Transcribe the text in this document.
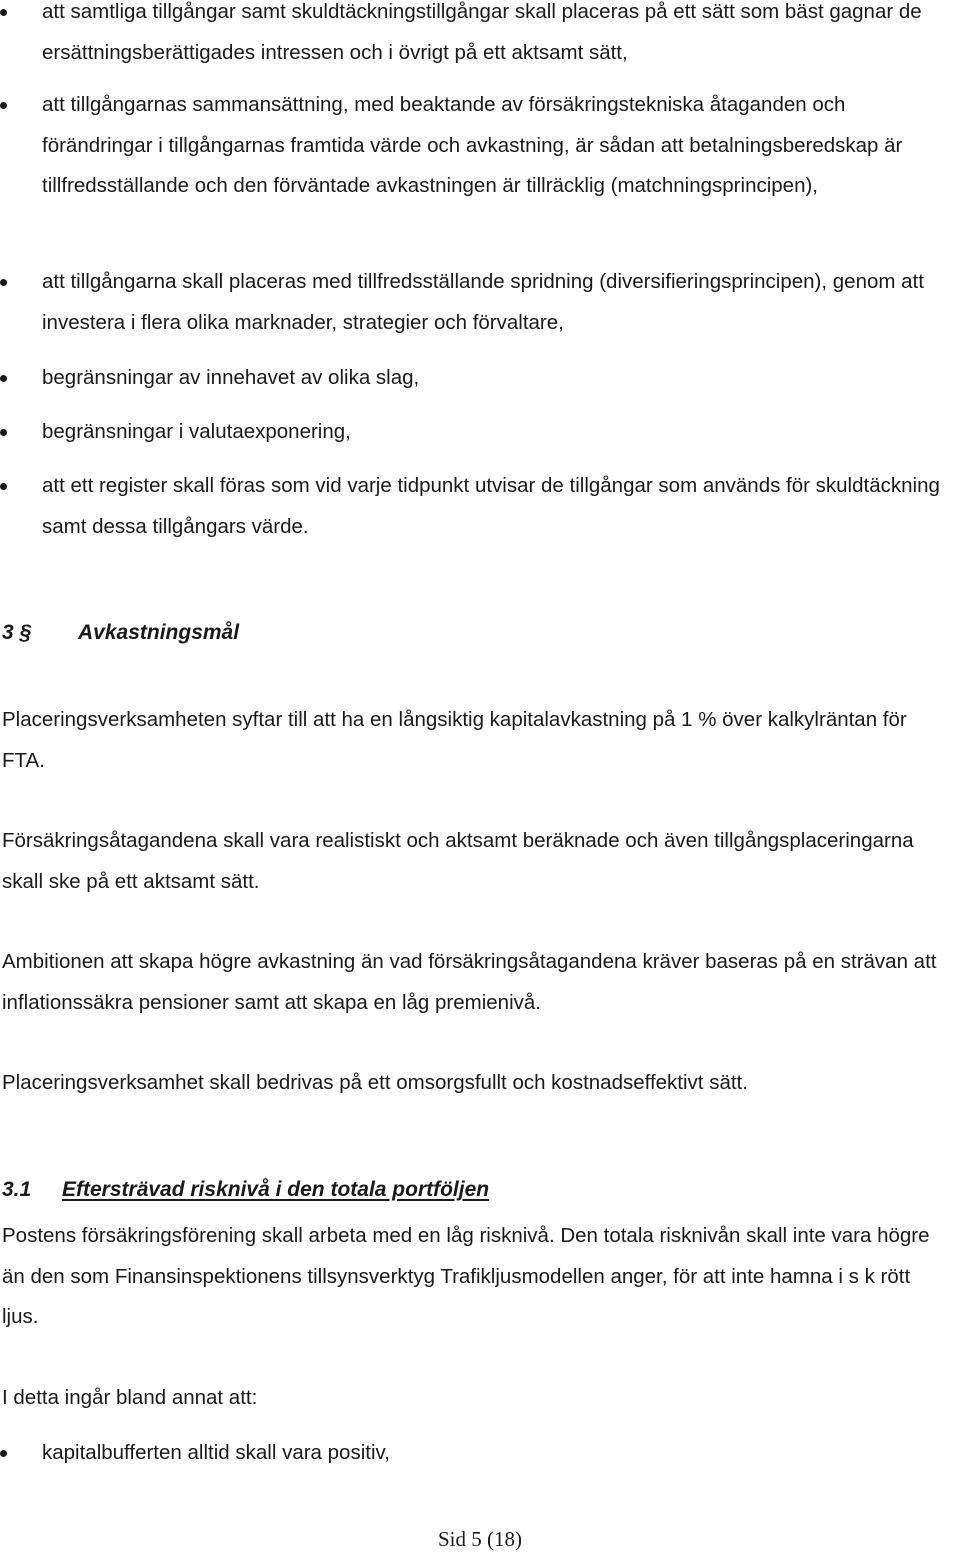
att samtliga tillgångar samt skuldtäckningstillgångar skall placeras på ett sätt som bäst gagnar de ersättningsberättigades intressen och i övrigt på ett aktsamt sätt,
att tillgångarnas sammansättning, med beaktande av försäkringstekniska åtaganden och förändringar i tillgångarnas framtida värde och avkastning, är sådan att betalningsberedskap är tillfredsställande och den förväntade avkastningen är tillräcklig (matchningsprincipen),
att tillgångarna skall placeras med tillfredsställande spridning (diversifieringsprincipen), genom att investera i flera olika marknader, strategier och förvaltare,
begränsningar av innehavet av olika slag,
begränsningar i valutaexponering,
att ett register skall föras som vid varje tidpunkt utvisar de tillgångar som används för skuldtäckning samt dessa tillgångars värde.
3 § Avkastningsmål
Placeringsverksamheten syftar till att ha en långsiktig kapitalavkastning på 1 % över kalkylräntan för FTA.
Försäkringsåtagandena skall vara realistiskt och aktsamt beräknade och även tillgångsplaceringarna skall ske på ett aktsamt sätt.
Ambitionen att skapa högre avkastning än vad försäkringsåtagandena kräver baseras på en strävan att inflationssäkra pensioner samt att skapa en låg premienivå.
Placeringsverksamhet skall bedrivas på ett omsorgsfullt och kostnadseffektivt sätt.
3.1 Eftersträvad risknivå i den totala portföljen
Postens försäkringsförening skall arbeta med en låg risknivå. Den totala risknivån skall inte vara högre än den som Finansinspektionens tillsynsverktyg Trafikljusmodellen anger, för att inte hamna i s k rött ljus.
I detta ingår bland annat att:
kapitalbufferten alltid skall vara positiv,
Sid 5 (18)
